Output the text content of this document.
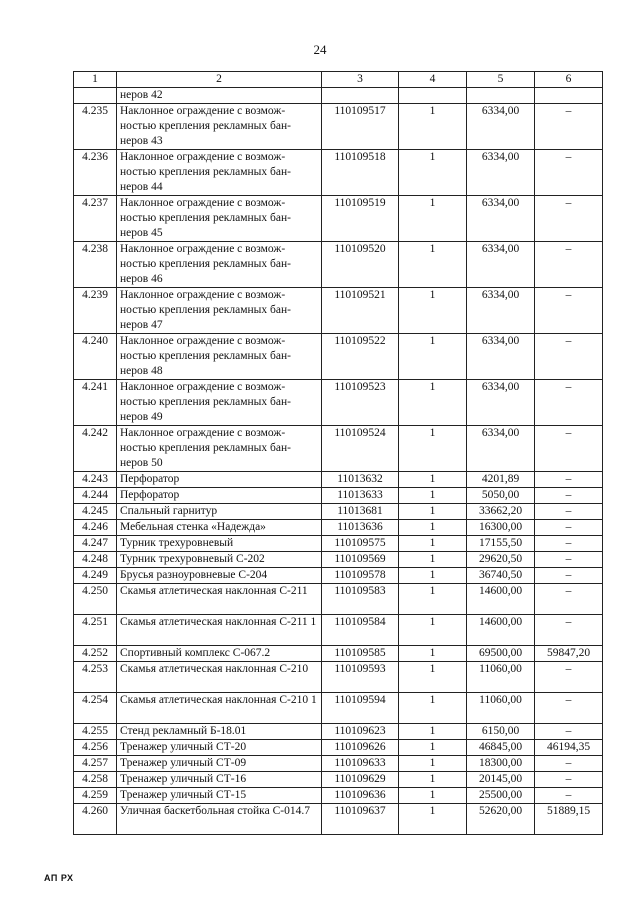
24
1	2	3	4	5	6
	неров 42				
4.235	Наклонное ограждение с возмож-ностью крепления рекламных бан-неров 43	110109517	1	6334,00	–
4.236	Наклонное ограждение с возмож-ностью крепления рекламных бан-неров 44	110109518	1	6334,00	–
4.237	Наклонное ограждение с возмож-ностью крепления рекламных бан-неров 45	110109519	1	6334,00	–
4.238	Наклонное ограждение с возмож-ностью крепления рекламных бан-неров 46	110109520	1	6334,00	–
4.239	Наклонное ограждение с возмож-ностью крепления рекламных бан-неров 47	110109521	1	6334,00	–
4.240	Наклонное ограждение с возмож-ностью крепления рекламных бан-неров 48	110109522	1	6334,00	–
4.241	Наклонное ограждение с возмож-ностью крепления рекламных бан-неров 49	110109523	1	6334,00	–
4.242	Наклонное ограждение с возмож-ностью крепления рекламных бан-неров 50	110109524	1	6334,00	–
4.243	Перфоратор	11013632	1	4201,89	–
4.244	Перфоратор	11013633	1	5050,00	–
4.245	Спальный гарнитур	11013681	1	33662,20	–
4.246	Мебельная стенка «Надежда»	11013636	1	16300,00	–
4.247	Турник трехуровневый	110109575	1	17155,50	–
4.248	Турник трехуровневый С-202	110109569	1	29620,50	–
4.249	Брусья разноуровневые С-204	110109578	1	36740,50	–
4.250	Скамья атлетическая наклонная С-211	110109583	1	14600,00	–
4.251	Скамья атлетическая наклонная С-211 1	110109584	1	14600,00	–
4.252	Спортивный комплекс С-067.2	110109585	1	69500,00	59847,20
4.253	Скамья атлетическая наклонная С-210	110109593	1	11060,00	–
4.254	Скамья атлетическая наклонная С-210 1	110109594	1	11060,00	–
4.255	Стенд рекламный Б-18.01	110109623	1	6150,00	–
4.256	Тренажер уличный СТ-20	110109626	1	46845,00	46194,35
4.257	Тренажер уличный СТ-09	110109633	1	18300,00	–
4.258	Тренажер уличный СТ-16	110109629	1	20145,00	–
4.259	Тренажер уличный СТ-15	110109636	1	25500,00	–
4.260	Уличная баскетбольная стойка С-014.7	110109637	1	52620,00	51889,15
АП РХ
